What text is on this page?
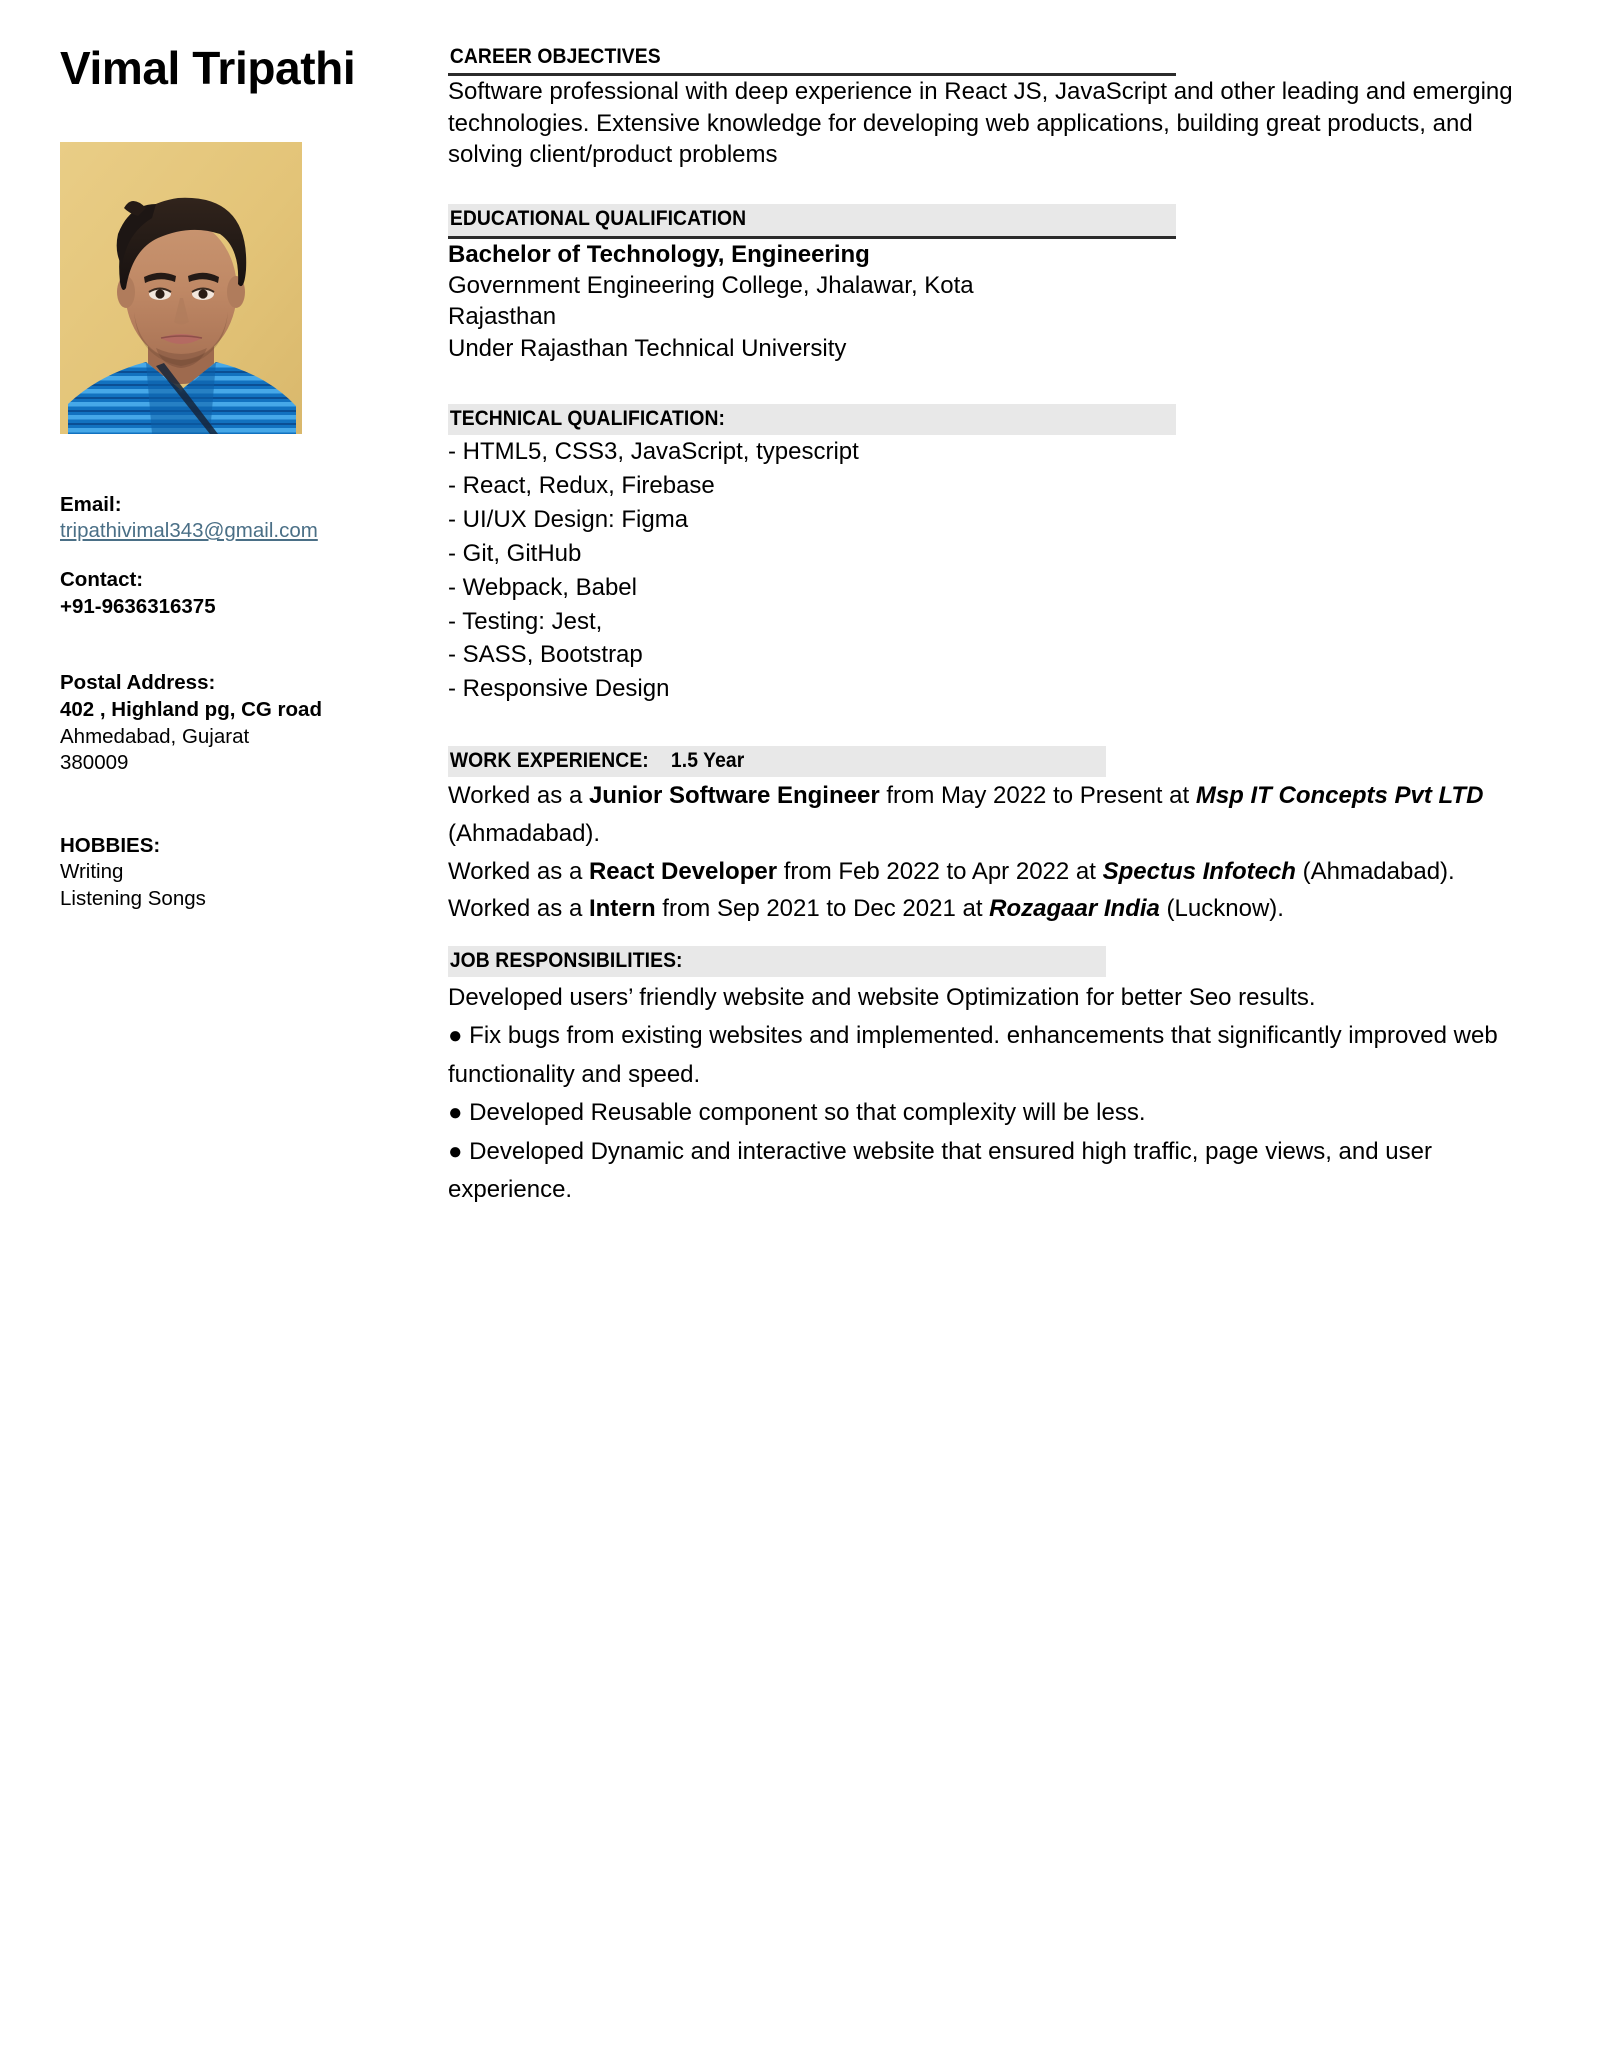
Vimal Tripathi
Email:
tripathivimal343@gmail.com
Contact:
+91-9636316375
Postal Address:
402 , Highland pg, CG road
Ahmedabad, Gujarat
380009
HOBBIES:
Writing
Listening Songs
CAREER OBJECTIVES

Software professional with deep experience in React JS, JavaScript and other leading and emerging technologies. Extensive knowledge for developing web applications, building great products, and solving client/product problems

EDUCATIONAL QUALIFICATION

Bachelor of Technology, Engineering

Government Engineering College, Jhalawar, Kota

Rajasthan

Under Rajasthan Technical University

TECHNICAL QUALIFICATION:
- HTML5, CSS3, JavaScript, typescript
- React, Redux, Firebase
- UI/UX Design: Figma
- Git, GitHub
- Webpack, Babel
- Testing: Jest,
- SASS, Bootstrap
- Responsive Design
WORK EXPERIENCE: 1.5 Year

Worked as a Junior Software Engineer from May 2022 to Present at Msp IT Concepts Pvt LTD (Ahmadabad).

Worked as a React Developer from Feb 2022 to Apr 2022 at Spectus Infotech (Ahmadabad).

Worked as a Intern from Sep 2021 to Dec 2021 at Rozagaar India (Lucknow).

JOB RESPONSIBILITIES:

Developed users’ friendly website and website Optimization for better Seo results.

● Fix bugs from existing websites and implemented. enhancements that significantly improved web functionality and speed.

● Developed Reusable component so that complexity will be less.

● Developed Dynamic and interactive website that ensured high traffic, page views, and user experience.
